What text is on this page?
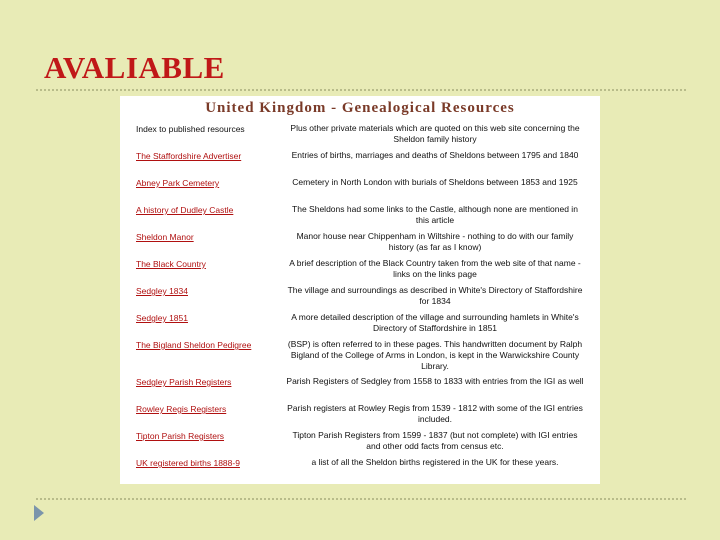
AVALIABLE
United Kingdom - Genealogical Resources
Index to published resources	Plus other private materials which are quoted on this web site concerning the Sheldon family history
The Staffordshire Advertiser	Entries of births, marriages and deaths of Sheldons between 1795 and 1840
Abney Park Cemetery	Cemetery in North London with burials of Sheldons between 1853 and 1925
A history of Dudley Castle	The Sheldons had some links to the Castle, although none are mentioned in this article
Sheldon Manor	Manor house near Chippenham in Wiltshire - nothing to do with our family history (as far as I know)
The Black Country	A brief description of the Black Country taken from the web site of that name - links on the links page
Sedgley 1834	The village and surroundings as described in White's Directory of Staffordshire for 1834
Sedgley 1851	A more detailed description of the village and surrounding hamlets in White's Directory of Staffordshire in 1851
The Bigland Sheldon Pedigree	(BSP) is often referred to in these pages. This handwritten document by Ralph Bigland of the College of Arms in London, is kept in the Warwickshire County Library.
Sedgley Parish Registers	Parish Registers of Sedgley from 1558 to 1833 with entries from the IGI as well
Rowley Regis Registers	Parish registers at Rowley Regis from 1539 - 1812 with some of the IGI entries included.
Tipton Parish Registers	Tipton Parish Registers from 1599 - 1837 (but not complete) with IGI entries and other odd facts from census etc.
UK registered births 1888-9	a list of all the Sheldon births registered in the UK for these years.
